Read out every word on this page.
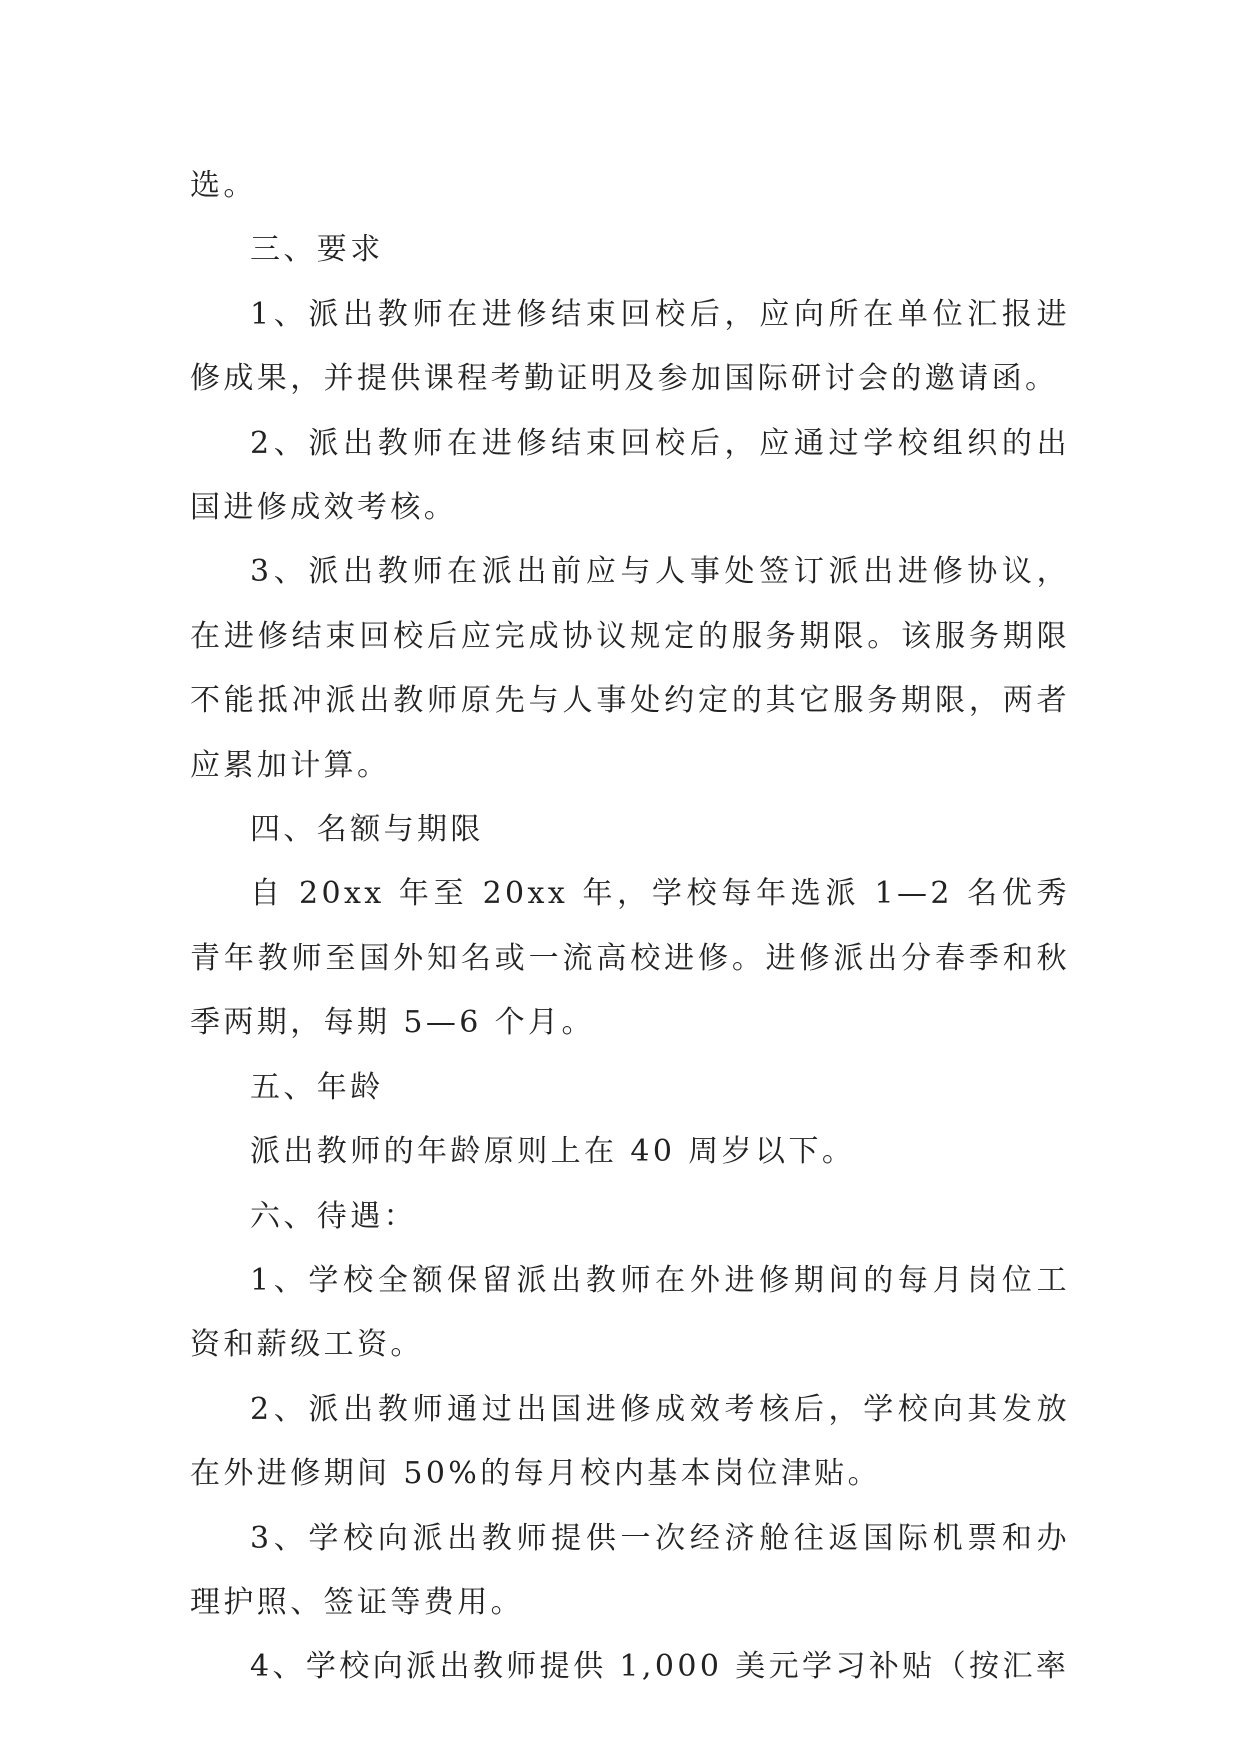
选。

三、要求

1、派出教师在进修结束回校后，应向所在单位汇报进修成果，并提供课程考勤证明及参加国际研讨会的邀请函。

2、派出教师在进修结束回校后，应通过学校组织的出国进修成效考核。

3、派出教师在派出前应与人事处签订派出进修协议，在进修结束回校后应完成协议规定的服务期限。该服务期限不能抵冲派出教师原先与人事处约定的其它服务期限，两者应累加计算。

四、名额与期限

自 20xx 年至 20xx 年，学校每年选派 1—2 名优秀青年教师至国外知名或一流高校进修。进修派出分春季和秋季两期，每期 5—6 个月。

五、年龄

派出教师的年龄原则上在 40 周岁以下。

六、待遇：

1、学校全额保留派出教师在外进修期间的每月岗位工资和薪级工资。

2、派出教师通过出国进修成效考核后，学校向其发放在外进修期间 50%的每月校内基本岗位津贴。

3、学校向派出教师提供一次经济舱往返国际机票和办理护照、签证等费用。

4、学校向派出教师提供 1,000 美元学习补贴（按汇率
